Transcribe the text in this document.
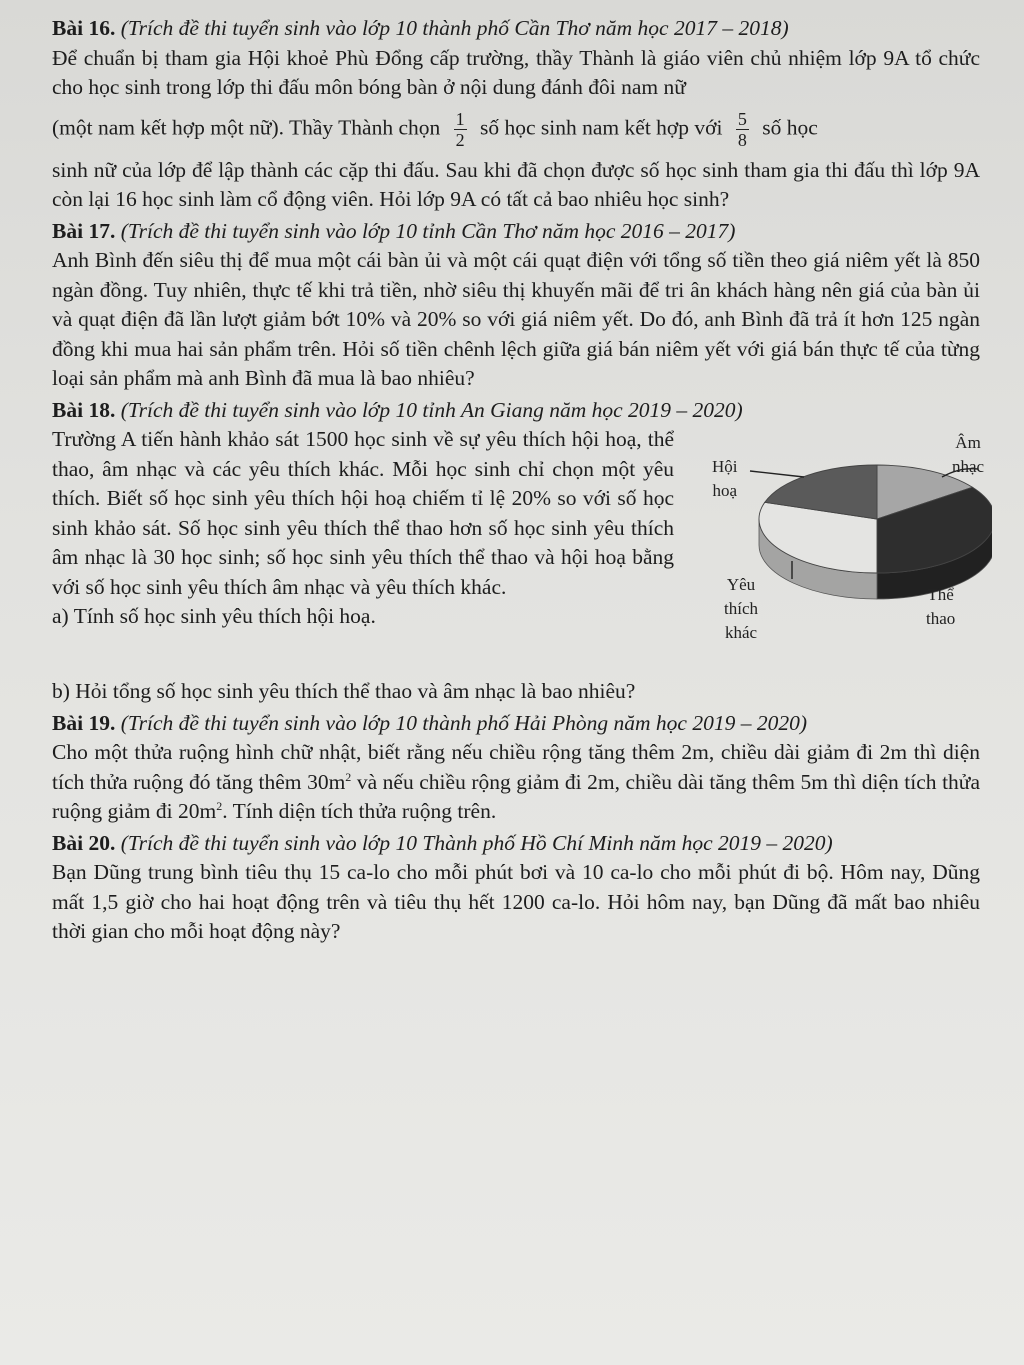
Bài 16. (Trích đề thi tuyển sinh vào lớp 10 thành phố Cần Thơ năm học 2017 – 2018)

Để chuẩn bị tham gia Hội khoẻ Phù Đổng cấp trường, thầy Thành là giáo viên chủ nhiệm lớp 9A tổ chức cho học sinh trong lớp thi đấu môn bóng bàn ở nội dung đánh đôi nam nữ

(một nam kết hợp một nữ). Thầy Thành chọn $\frac{1}{2}$ số học sinh nam kết hợp với $\frac{5}{8}$ số học

sinh nữ của lớp để lập thành các cặp thi đấu. Sau khi đã chọn được số học sinh tham gia thi đấu thì lớp 9A còn lại 16 học sinh làm cổ động viên. Hỏi lớp 9A có tất cả bao nhiêu học sinh?

Bài 17. (Trích đề thi tuyển sinh vào lớp 10 tỉnh Cần Thơ năm học 2016 – 2017)

Anh Bình đến siêu thị để mua một cái bàn ủi và một cái quạt điện với tổng số tiền theo giá niêm yết là 850 ngàn đồng. Tuy nhiên, thực tế khi trả tiền, nhờ siêu thị khuyến mãi để tri ân khách hàng nên giá của bàn ủi và quạt điện đã lần lượt giảm bớt 10% và 20% so với giá niêm yết. Do đó, anh Bình đã trả ít hơn 125 ngàn đồng khi mua hai sản phẩm trên. Hỏi số tiền chênh lệch giữa giá bán niêm yết với giá bán thực tế của từng loại sản phẩm mà anh Bình đã mua là bao nhiêu?

Bài 18. (Trích đề thi tuyển sinh vào lớp 10 tỉnh An Giang năm học 2019 – 2020)

Trường A tiến hành khảo sát 1500 học sinh về sự yêu thích hội hoạ, thể thao, âm nhạc và các yêu thích khác. Mỗi học sinh chỉ chọn một yêu thích. Biết số học sinh yêu thích hội hoạ chiếm tỉ lệ 20% so với số học sinh khảo sát. Số học sinh yêu thích thể thao hơn số học sinh yêu thích âm nhạc là 30 học sinh; số học sinh yêu thích thể thao và hội hoạ bằng với số học sinh yêu thích âm nhạc và yêu thích khác.

a) Tính số học sinh yêu thích hội hoạ.

Âm
nhạc
Hội
hoạ
Yêu
thích
khác
Thể
thao

b) Hỏi tổng số học sinh yêu thích thể thao và âm nhạc là bao nhiêu?

Bài 19. (Trích đề thi tuyển sinh vào lớp 10 thành phố Hải Phòng năm học 2019 – 2020)

Cho một thửa ruộng hình chữ nhật, biết rằng nếu chiều rộng tăng thêm 2m, chiều dài giảm đi 2m thì diện tích thửa ruộng đó tăng thêm $30m^2$ và nếu chiều rộng giảm đi 2m, chiều dài tăng thêm 5m thì diện tích thửa ruộng giảm đi $20m^2$. Tính diện tích thửa ruộng trên.

Bài 20. (Trích đề thi tuyển sinh vào lớp 10 Thành phố Hồ Chí Minh năm học 2019 – 2020)

Bạn Dũng trung bình tiêu thụ 15 ca-lo cho mỗi phút bơi và 10 ca-lo cho mỗi phút đi bộ. Hôm nay, Dũng mất 1,5 giờ cho hai hoạt động trên và tiêu thụ hết 1200 ca-lo. Hỏi hôm nay, bạn Dũng đã mất bao nhiêu thời gian cho mỗi hoạt động này?
